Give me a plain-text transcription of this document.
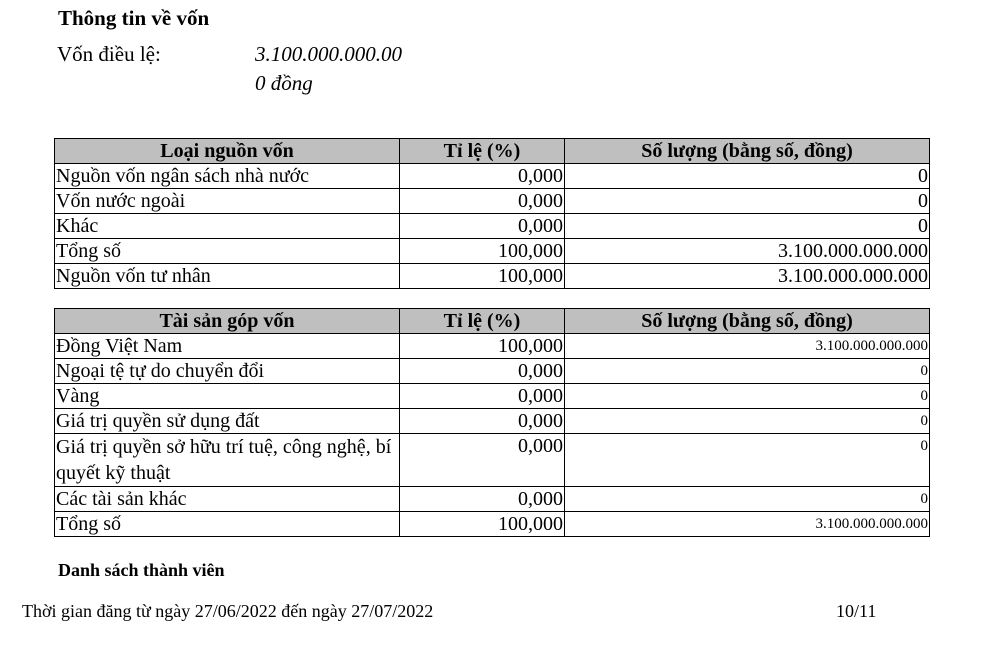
Thông tin về vốn
Vốn điều lệ:	3.100.000.000.00
0 đồng
Loại nguồn vốn	Tỉ lệ (%)	Số lượng (bằng số, đồng)
Nguồn vốn ngân sách nhà nước	0,000	0
Vốn nước ngoài	0,000	0
Khác	0,000	0
Tổng số	100,000	3.100.000.000.000
Nguồn vốn tư nhân	100,000	3.100.000.000.000
Tài sản góp vốn	Tỉ lệ (%)	Số lượng (bằng số, đồng)
Đồng Việt Nam	100,000	3.100.000.000.000
Ngoại tệ tự do chuyển đổi	0,000	0
Vàng	0,000	0
Giá trị quyền sử dụng đất	0,000	0
Giá trị quyền sở hữu trí tuệ, công nghệ, bí quyết kỹ thuật	0,000	0
Các tài sản khác	0,000	0
Tổng số	100,000	3.100.000.000.000
Danh sách thành viên
Thời gian đăng từ ngày 27/06/2022 đến ngày 27/07/2022	10/11
